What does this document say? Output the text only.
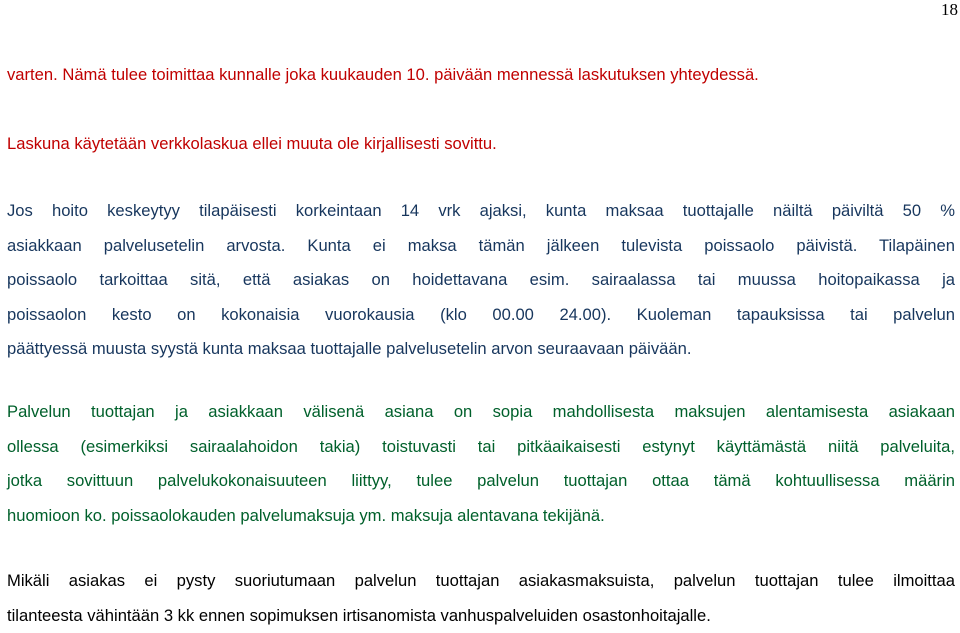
18
varten. Nämä tulee toimittaa kunnalle joka kuukauden 10. päivään mennessä laskutuksen yhteydessä.
Laskuna käytetään verkkolaskua ellei muuta ole kirjallisesti sovittu.
Jos hoito keskeytyy tilapäisesti korkeintaan 14 vrk ajaksi, kunta maksaa tuottajalle näiltä päiviltä 50 %
asiakkaan palvelusetelin arvosta. Kunta ei maksa tämän jälkeen tulevista poissaolo päivistä. Tilapäinen
poissaolo tarkoittaa sitä, että asiakas on hoidettavana esim. sairaalassa tai muussa hoitopaikassa ja
poissaolon kesto on kokonaisia vuorokausia (klo 00.00 24.00). Kuoleman tapauksissa tai palvelun
päättyessä muusta syystä kunta maksaa tuottajalle palvelusetelin arvon seuraavaan päivään.
Palvelun tuottajan ja asiakkaan välisenä asiana on sopia mahdollisesta maksujen alentamisesta asiakaan
ollessa (esimerkiksi sairaalahoidon takia) toistuvasti tai pitkäaikaisesti estynyt käyttämästä niitä palveluita,
jotka sovittuun palvelukokonaisuuteen liittyy, tulee palvelun tuottajan ottaa tämä kohtuullisessa määrin
huomioon ko. poissaolokauden palvelumaksuja ym. maksuja alentavana tekijänä.
Mikäli asiakas ei pysty suoriutumaan palvelun tuottajan asiakasmaksuista, palvelun tuottajan tulee ilmoittaa
tilanteesta vähintään 3 kk ennen sopimuksen irtisanomista vanhuspalveluiden osastonhoitajalle.
